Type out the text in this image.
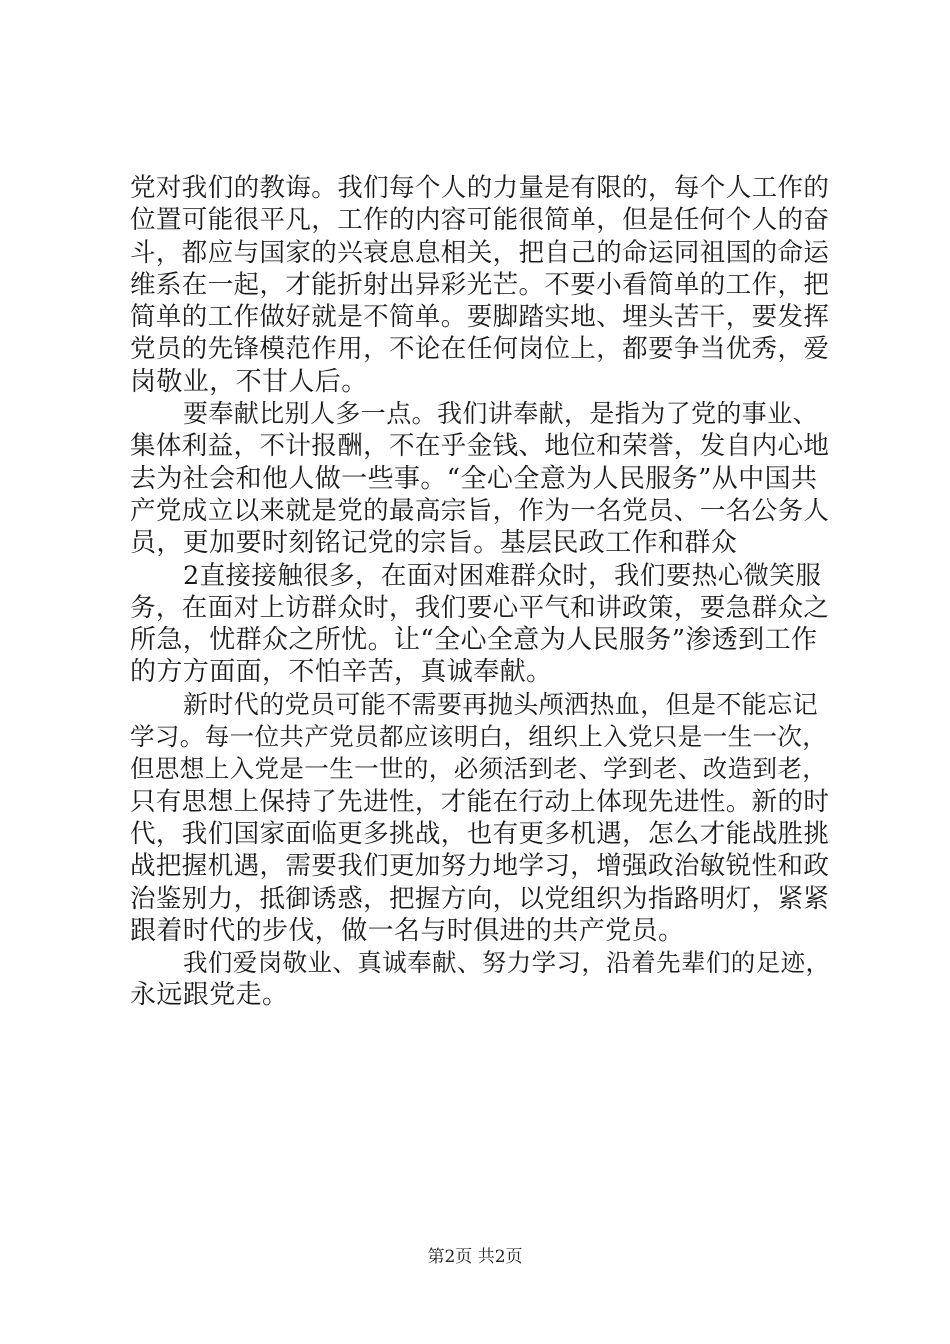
党对我们的教诲。我们每个人的力量是有限的，每个人工作的
位置可能很平凡，工作的内容可能很简单，但是任何个人的奋
斗，都应与国家的兴衰息息相关，把自己的命运同祖国的命运
维系在一起，才能折射出异彩光芒。不要小看简单的工作，把
简单的工作做好就是不简单。要脚踏实地、埋头苦干，要发挥
党员的先锋模范作用，不论在任何岗位上，都要争当优秀，爱
岗敬业，不甘人后。
要奉献比别人多一点。我们讲奉献，是指为了党的事业、
集体利益，不计报酬，不在乎金钱、地位和荣誉，发自内心地
去为社会和他人做一些事。“全心全意为人民服务”从中国共
产党成立以来就是党的最高宗旨，作为一名党员、一名公务人
员，更加要时刻铭记党的宗旨。基层民政工作和群众
2直接接触很多，在面对困难群众时，我们要热心微笑服
务，在面对上访群众时，我们要心平气和讲政策，要急群众之
所急，忧群众之所忧。让“全心全意为人民服务”渗透到工作
的方方面面，不怕辛苦，真诚奉献。
新时代的党员可能不需要再抛头颅洒热血，但是不能忘记
学习。每一位共产党员都应该明白，组织上入党只是一生一次，
但思想上入党是一生一世的，必须活到老、学到老、改造到老，
只有思想上保持了先进性，才能在行动上体现先进性。新的时
代，我们国家面临更多挑战，也有更多机遇，怎么才能战胜挑
战把握机遇，需要我们更加努力地学习，增强政治敏锐性和政
治鉴别力，抵御诱惑，把握方向，以党组织为指路明灯，紧紧
跟着时代的步伐，做一名与时俱进的共产党员。
我们爱岗敬业、真诚奉献、努力学习，沿着先辈们的足迹，
永远跟党走。
第2页 共2页
